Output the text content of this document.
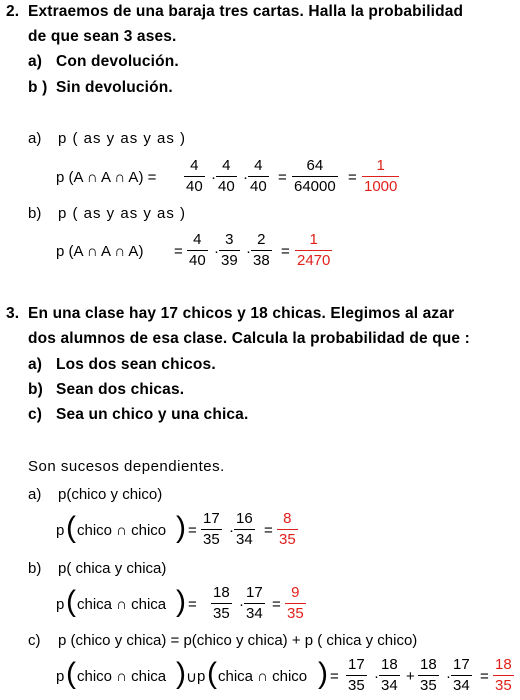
2. Extraemos de una baraja tres cartas. Halla la probabilidad
de que sean 3 ases.
a) Con devolución.
b ) Sin devolución.
a) p ( as y as y as )
p (A ∩ A ∩ A) =
4
40
·
4
40
·
4
40
=
64
64000
=
1
1000
b) p ( as y as y as )
p (A ∩ A ∩ A) =
4
40
·
3
39
·
2
38
=
1
2470
3. En una clase hay 17 chicos y 18 chicas. Elegimos al azar
dos alumnos de esa clase. Calcula la probabilidad de que :
a) Los dos sean chicos.
b) Sean dos chicas.
c) Sea un chico y una chica.
Son sucesos dependientes.
a) p(chico y chico)
p ( chico ∩ chico ) =
17
35
·
16
34
=
8
35
b) p( chica y chica)
p ( chica ∩ chica ) =
18
35
·
17
34
=
9
35
c) p (chico y chica) = p(chico y chica) + p ( chica y chico)
p ( chico ∩ chica ) ∪ p ( chica ∩ chico ) =
17
35
·
18
34
+
18
35
·
17
34
=
18
35
